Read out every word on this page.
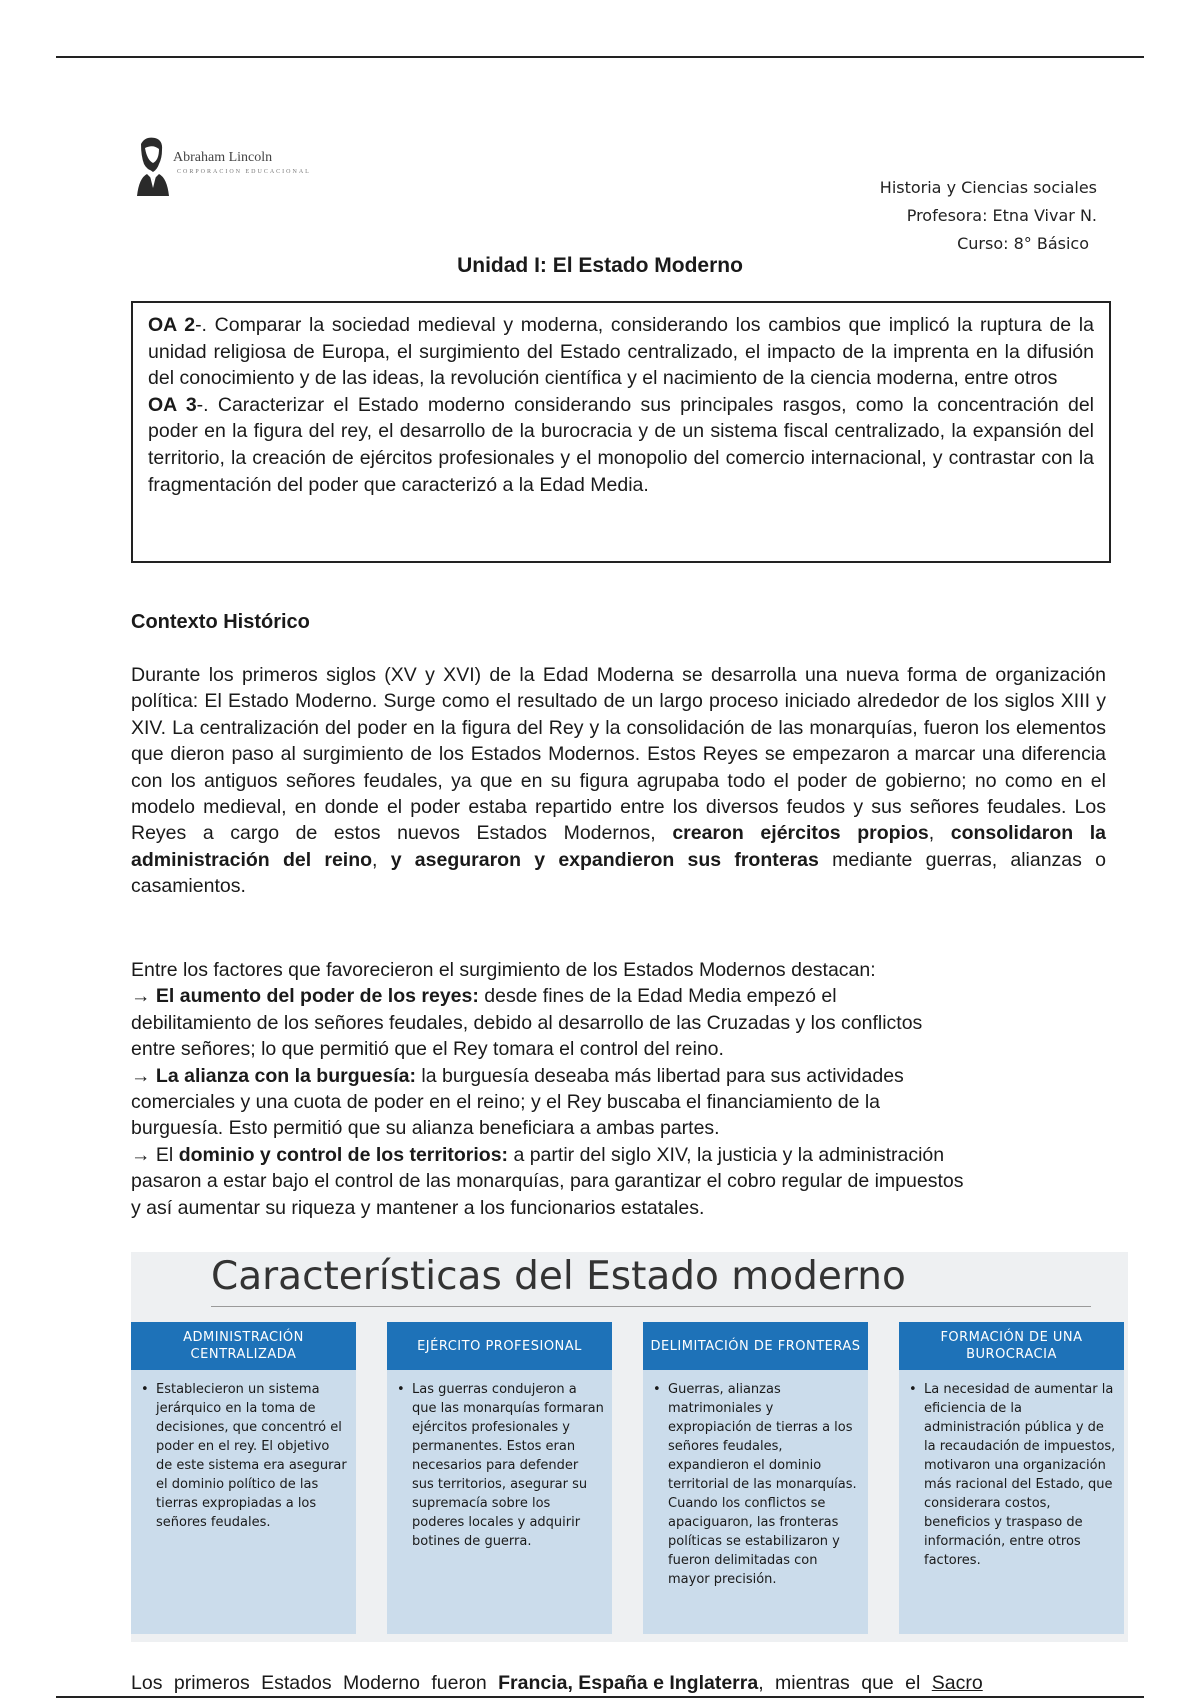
Abraham Lincoln
CORPORACION EDUCACIONAL
Historia y Ciencias sociales
Profesora: Etna Vivar N.
Curso: 8° Básico
Unidad I: El Estado Moderno

OA 2-. Comparar la sociedad medieval y moderna, considerando los cambios que implicó la ruptura de la unidad religiosa de Europa, el surgimiento del Estado centralizado, el impacto de la imprenta en la difusión del conocimiento y de las ideas, la revolución científica y el nacimiento de la ciencia moderna, entre otros

OA 3-. Caracterizar el Estado moderno considerando sus principales rasgos, como la concentración del poder en la figura del rey, el desarrollo de la burocracia y de un sistema fiscal centralizado, la expansión del territorio, la creación de ejércitos profesionales y el monopolio del comercio internacional, y contrastar con la fragmentación del poder que caracterizó a la Edad Media.

Contexto Histórico

Durante los primeros siglos (XV y XVI) de la Edad Moderna se desarrolla una nueva forma de organización política: El Estado Moderno. Surge como el resultado de un largo proceso iniciado alrededor de los siglos XIII y XIV. La centralización del poder en la figura del Rey y la consolidación de las monarquías, fueron los elementos que dieron paso al surgimiento de los Estados Modernos. Estos Reyes se empezaron a marcar una diferencia con los antiguos señores feudales, ya que en su figura agrupaba todo el poder de gobierno; no como en el modelo medieval, en donde el poder estaba repartido entre los diversos feudos y sus señores feudales. Los Reyes a cargo de estos nuevos Estados Modernos, crearon ejércitos propios, consolidaron la administración del reino, y aseguraron y expandieron sus fronteras mediante guerras, alianzas o casamientos.

Entre los factores que favorecieron el surgimiento de los Estados Modernos destacan:
→ El aumento del poder de los reyes: desde fines de la Edad Media empezó el
debilitamiento de los señores feudales, debido al desarrollo de las Cruzadas y los conflictos
entre señores; lo que permitió que el Rey tomara el control del reino.
→ La alianza con la burguesía: la burguesía deseaba más libertad para sus actividades
comerciales y una cuota de poder en el reino; y el Rey buscaba el financiamiento de la
burguesía. Esto permitió que su alianza beneficiara a ambas partes.
→ El dominio y control de los territorios: a partir del siglo XIV, la justicia y la administración
pasaron a estar bajo el control de las monarquías, para garantizar el cobro regular de impuestos
y así aumentar su riqueza y mantener a los funcionarios estatales.
Características del Estado moderno
ADMINISTRACIÓN CENTRALIZADA
• Establecieron un sistema jerárquico en la toma de decisiones, que concentró el poder en el rey. El objetivo de este sistema era asegurar el dominio político de las tierras expropiadas a los señores feudales.
EJÉRCITO PROFESIONAL
• Las guerras condujeron a que las monarquías formaran ejércitos profesionales y permanentes. Estos eran necesarios para defender sus territorios, asegurar su supremacía sobre los poderes locales y adquirir botines de guerra.
DELIMITACIÓN DE FRONTERAS
• Guerras, alianzas matrimoniales y expropiación de tierras a los señores feudales, expandieron el dominio territorial de las monarquías. Cuando los conflictos se apaciguaron, las fronteras políticas se estabilizaron y fueron delimitadas con mayor precisión.
FORMACIÓN DE UNA BUROCRACIA
• La necesidad de aumentar la eficiencia de la administración pública y de la recaudación de impuestos, motivaron una organización más racional del Estado, que considerara costos, beneficios y traspaso de información, entre otros factores.
Los primeros Estados Moderno fueron Francia, España e Inglaterra, mientras que el Sacro
